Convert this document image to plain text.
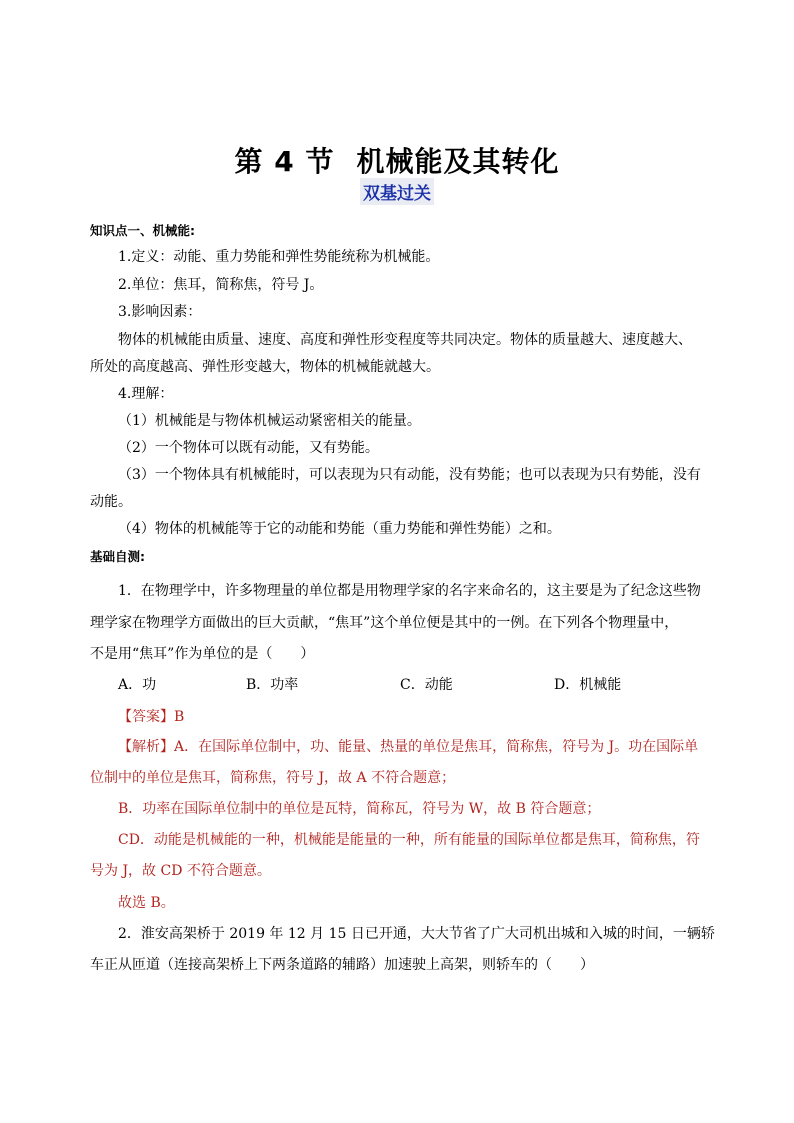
第 4 节 机械能及其转化
双基过关
知识点一、机械能:
1.定义：动能、重力势能和弹性势能统称为机械能。
2.单位：焦耳，简称焦，符号 J。
3.影响因素：
物体的机械能由质量、速度、高度和弹性形变程度等共同决定。物体的质量越大、速度越大、
所处的高度越高、弹性形变越大，物体的机械能就越大。
4.理解：
（1）机械能是与物体机械运动紧密相关的能量。
（2）一个物体可以既有动能，又有势能。
（3）一个物体具有机械能时，可以表现为只有动能，没有势能；也可以表现为只有势能，没有
动能。
（4）物体的机械能等于它的动能和势能（重力势能和弹性势能）之和。
基础自测:
1．在物理学中，许多物理量的单位都是用物理学家的名字来命名的，这主要是为了纪念这些物
理学家在物理学方面做出的巨大贡献，“焦耳”这个单位便是其中的一例。在下列各个物理量中，
不是用“焦耳”作为单位的是（　　）
A．功	B．功率	C．动能	D．机械能
【答案】B
【解析】A．在国际单位制中，功、能量、热量的单位是焦耳，简称焦，符号为 J。功在国际单
位制中的单位是焦耳，简称焦，符号 J，故 A 不符合题意；
B．功率在国际单位制中的单位是瓦特，简称瓦，符号为 W，故 B 符合题意；
CD．动能是机械能的一种，机械能是能量的一种，所有能量的国际单位都是焦耳，简称焦，符
号为 J，故 CD 不符合题意。
故选 B。
2．淮安高架桥于 2019 年 12 月 15 日已开通，大大节省了广大司机出城和入城的时间，一辆轿
车正从匝道（连接高架桥上下两条道路的辅路）加速驶上高架，则轿车的（　　）
